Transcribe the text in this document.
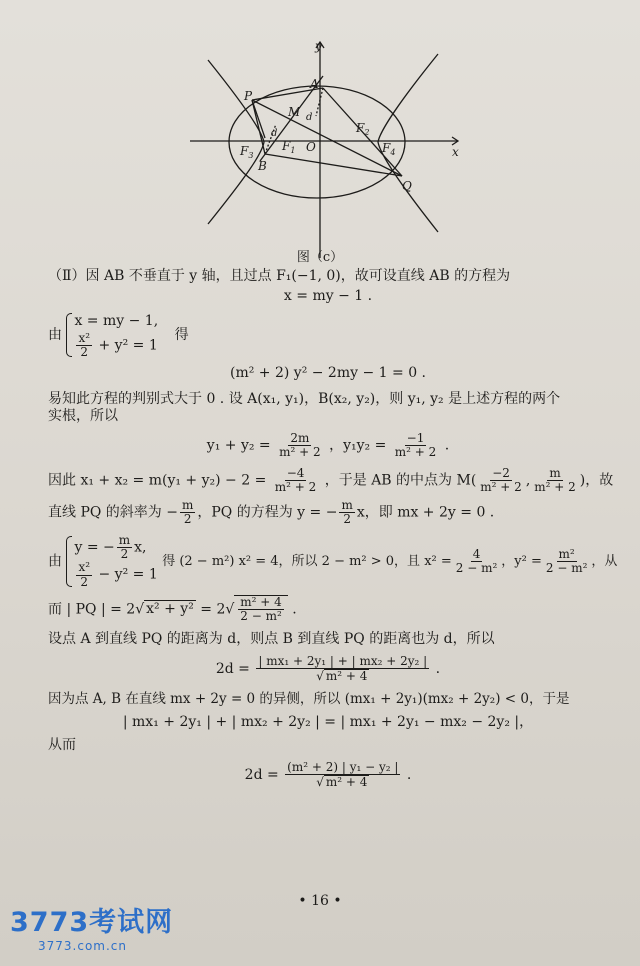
y
x
P
A
M d
d	$F_2$
$F_3$
$F_1$ O	$F_4$
B
Q
图（c）
（Ⅱ）因 AB 不垂直于 y 轴，且过点 F₁(−1, 0)，故可设直线 AB 的方程为
x = my − 1 .
由
x = my − 1,
$\frac{\text{x²}}{2} + y^2 = 1$
得
(m² + 2) y² − 2my − 1 = 0 .
易知此方程的判别式大于 0 . 设 A(x₁, y₁)，B(x₂, y₂)，则 y₁, y₂ 是上述方程的两个
实根，所以
$y_1 + y_2 = \frac{2m}{\text{m² + 2}}$ ，$y_1y_2 = \frac{-1}{\text{m² + 2}}$ .
因此 $x_1 + x_2 = m(y_1 + y_2) - 2 = \frac{-4}{\text{m² + 2}}$ ，于是 AB 的中点为 $M( \frac{-2}{\text{m² + 2}}$ , $\frac{m}{\text{m² + 2}}$ )，故
直线 PQ 的斜率为 − $\frac{m}{2}$ ，PQ 的方程为 y = − $\frac{m}{2}$ x，即 mx + 2y = 0 .
由
y = − $\frac{m}{2} x$,
$\frac{\text{x²}}{2} - y^2 = 1$
得 (2 − m²) x² = 4，所以 2 − m² > 0，且 $x^2 = \frac{4}{\text{2 − m²}}$ ，$y^2 = \frac{\text{m²}}{\text{2 − m²}}$ ，从
而 | PQ | = 2√ $x^2 + y^2 = 2√ \frac{\text{m² + 4}}{\text{2 − m²}}$ .
设点 A 到直线 PQ 的距离为 d，则点 B 到直线 PQ 的距离也为 d，所以
$2d = \frac{\text{| mx₁ + 2y₁ | + | mx₂ + 2y₂ |}}{\text{√ m² + 4}}$ .
因为点 A, B 在直线 mx + 2y = 0 的异侧，所以 (mx₁ + 2y₁)(mx₂ + 2y₂) < 0，于是
| mx₁ + 2y₁ | + | mx₂ + 2y₂ | = | mx₁ + 2y₁ − mx₂ − 2y₂ |，
从而
$2d = \frac{\text{(m² + 2) | y₁ − y₂ |}}{\text{√ m² + 4}}$ .
• 16 •
3773考试网
3773.com.cn
